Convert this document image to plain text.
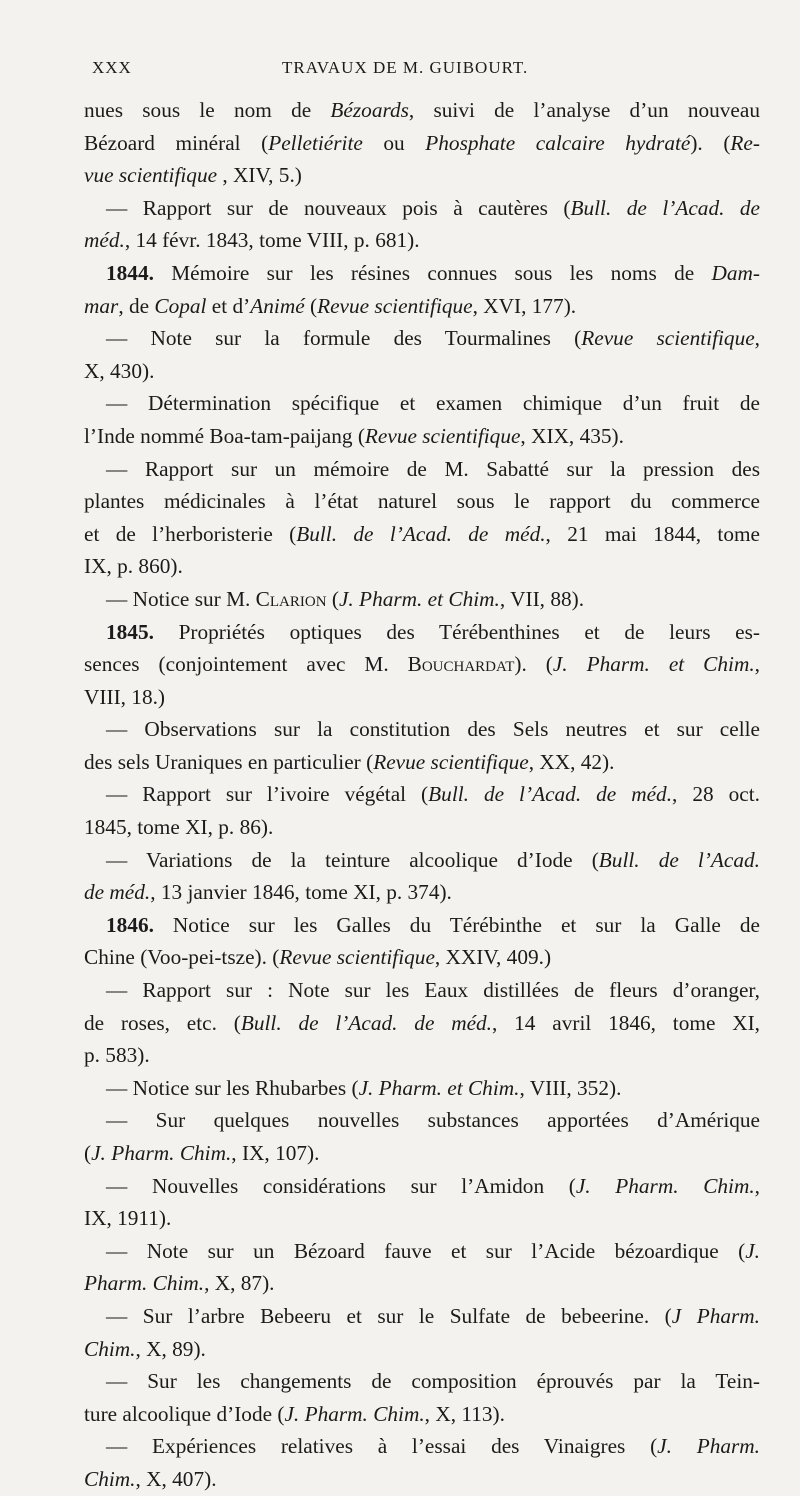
XXX	TRAVAUX DE M. GUIBOURT.
nues sous le nom de Bézoards, suivi de l’analyse d’un nouveau
Bézoard minéral (Pelletiérite ou Phosphate calcaire hydraté). (Re-
vue scientifique , XIV, 5.)
— Rapport sur de nouveaux pois à cautères (Bull. de l’Acad. de
méd., 14 févr. 1843, tome VIII, p. 681).
1844. Mémoire sur les résines connues sous les noms de Dam-
mar, de Copal et d’Animé (Revue scientifique, XVI, 177).
— Note sur la formule des Tourmalines (Revue scientifique,
X, 430).
— Détermination spécifique et examen chimique d’un fruit de
l’Inde nommé Boa-tam-paijang (Revue scientifique, XIX, 435).
— Rapport sur un mémoire de M. Sabatté sur la pression des
plantes médicinales à l’état naturel sous le rapport du commerce
et de l’herboristerie (Bull. de l’Acad. de méd., 21 mai 1844, tome
IX, p. 860).
— Notice sur M. Clarion (J. Pharm. et Chim., VII, 88).
1845. Propriétés optiques des Térébenthines et de leurs es-
sences (conjointement avec M. Bouchardat). (J. Pharm. et Chim.,
VIII, 18.)
— Observations sur la constitution des Sels neutres et sur celle
des sels Uraniques en particulier (Revue scientifique, XX, 42).
— Rapport sur l’ivoire végétal (Bull. de l’Acad. de méd., 28 oct.
1845, tome XI, p. 86).
— Variations de la teinture alcoolique d’Iode (Bull. de l’Acad.
de méd., 13 janvier 1846, tome XI, p. 374).
1846. Notice sur les Galles du Térébinthe et sur la Galle de
Chine (Voo-pei-tsze). (Revue scientifique, XXIV, 409.)
— Rapport sur : Note sur les Eaux distillées de fleurs d’oranger,
de roses, etc. (Bull. de l’Acad. de méd., 14 avril 1846, tome XI,
p. 583).
— Notice sur les Rhubarbes (J. Pharm. et Chim., VIII, 352).
— Sur quelques nouvelles substances apportées d’Amérique
(J. Pharm. Chim., IX, 107).
— Nouvelles considérations sur l’Amidon (J. Pharm. Chim.,
IX, 1911).
— Note sur un Bézoard fauve et sur l’Acide bézoardique (J.
Pharm. Chim., X, 87).
— Sur l’arbre Bebeeru et sur le Sulfate de bebeerine. (J Pharm.
Chim., X, 89).
— Sur les changements de composition éprouvés par la Tein-
ture alcoolique d’Iode (J. Pharm. Chim., X, 113).
— Expériences relatives à l’essai des Vinaigres (J. Pharm.
Chim., X, 407).
